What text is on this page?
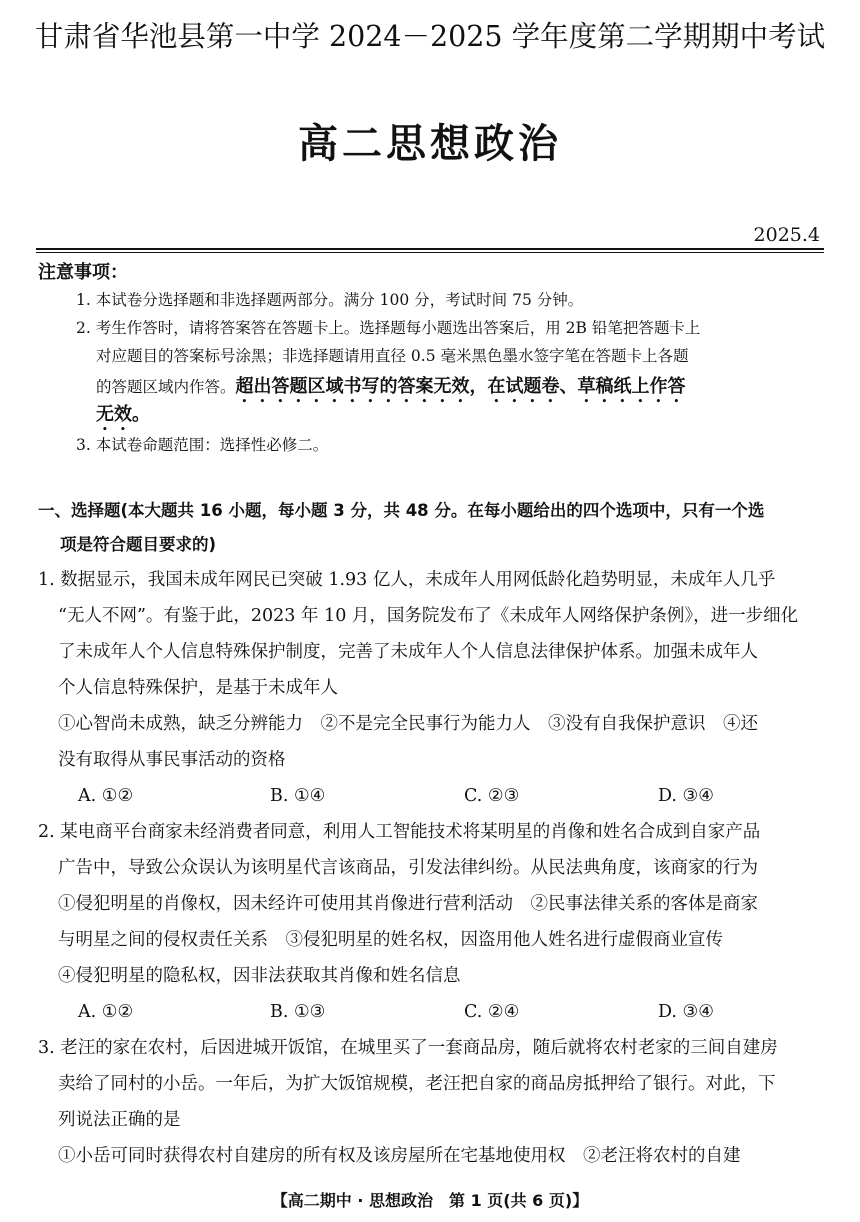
甘肃省华池县第一中学 2024－2025 学年度第二学期期中考试
高二思想政治
2025.4
注意事项：
1. 本试卷分选择题和非选择题两部分。满分 100 分，考试时间 75 分钟。
2. 考生作答时，请将答案答在答题卡上。选择题每小题选出答案后，用 2B 铅笔把答题卡上
对应题目的答案标号涂黑；非选择题请用直径 0.5 毫米黑色墨水签字笔在答题卡上各题
的答题区域内作答。超出答题区域书写的答案无效，在试题卷、草稿纸上作答
无效。
3. 本试卷命题范围：选择性必修二。
一、选择题(本大题共 16 小题，每小题 3 分，共 48 分。在每小题给出的四个选项中，只有一个选
项是符合题目要求的)
1. 数据显示，我国未成年网民已突破 1.93 亿人，未成年人用网低龄化趋势明显，未成年人几乎
“无人不网”。有鉴于此，2023 年 10 月，国务院发布了《未成年人网络保护条例》，进一步细化
了未成年人个人信息特殊保护制度，完善了未成年人个人信息法律保护体系。加强未成年人
个人信息特殊保护，是基于未成年人
①心智尚未成熟，缺乏分辨能力　②不是完全民事行为能力人　③没有自我保护意识　④还
没有取得从事民事活动的资格
A. ①②	B. ①④	C. ②③	D. ③④
2. 某电商平台商家未经消费者同意，利用人工智能技术将某明星的肖像和姓名合成到自家产品
广告中，导致公众误认为该明星代言该商品，引发法律纠纷。从民法典角度，该商家的行为
①侵犯明星的肖像权，因未经许可使用其肖像进行营利活动　②民事法律关系的客体是商家
与明星之间的侵权责任关系　③侵犯明星的姓名权，因盗用他人姓名进行虚假商业宣传
④侵犯明星的隐私权，因非法获取其肖像和姓名信息
A. ①②	B. ①③	C. ②④	D. ③④
3. 老汪的家在农村，后因进城开饭馆，在城里买了一套商品房，随后就将农村老家的三间自建房
卖给了同村的小岳。一年后，为扩大饭馆规模，老汪把自家的商品房抵押给了银行。对此，下
列说法正确的是
①小岳可同时获得农村自建房的所有权及该房屋所在宅基地使用权　②老汪将农村的自建
【高二期中 · 思想政治　第 1 页(共 6 页)】
